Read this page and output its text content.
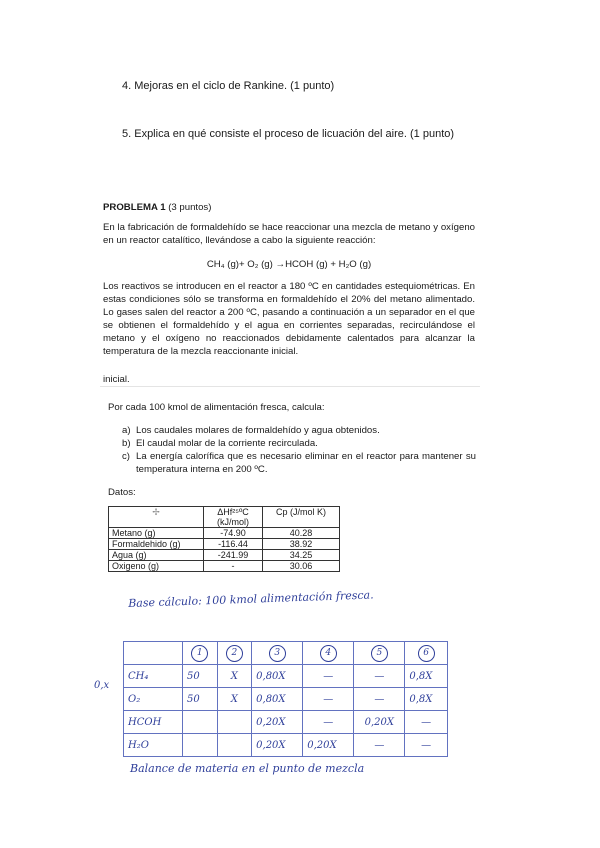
4. Mejoras en el ciclo de Rankine. (1 punto)
5. Explica en qué consiste el proceso de licuación del aire. (1 punto)
PROBLEMA 1 (3 puntos)
En la fabricación de formaldehído se hace reaccionar una mezcla de metano y oxígeno en un reactor catalítico, llevándose a cabo la siguiente reacción:
CH₄ (g)+ O₂ (g) →HCOH (g) + H₂O (g)
Los reactivos se introducen en el reactor a 180 ºC en cantidades estequiométricas. En estas condiciones sólo se transforma en formaldehído el 20% del metano alimentado. Lo gases salen del reactor a 200 ºC, pasando a continuación a un separador en el que se obtienen el formaldehído y el agua en corrientes separadas, recirculándose el metano y el oxígeno no reaccionados debidamente calentados para alcanzar la temperatura de la mezcla reaccionante inicial.
inicial.
Por cada 100 kmol de alimentación fresca, calcula:
a) Los caudales molares de formaldehído y agua obtenidos.
b) El caudal molar de la corriente recirculada.
c) La energía calorífica que es necesario eliminar en el reactor para mantener su temperatura interna en 200 ºC.
Datos:
✢	ΔHf²⁵ºC
(kJ/mol)	Cp (J/mol K)
Metano (g)	-74.90	40.28
Formaldehido (g)	-116.44	38.92
Agua (g)	-241.99	34.25
Oxigeno (g)	-	30.06
Base cálculo: 100 kmol alimentación fresca.
0,x
	1	2	3	4	5	6
CH₄	50	X	0,80X	—	—	0,8X
O₂	50	X	0,80X	—	—	0,8X
HCOH			0,20X	—	0,20X	—
H₂O			0,20X	0,20X	—	—
Balance de materia en el punto de mezcla
